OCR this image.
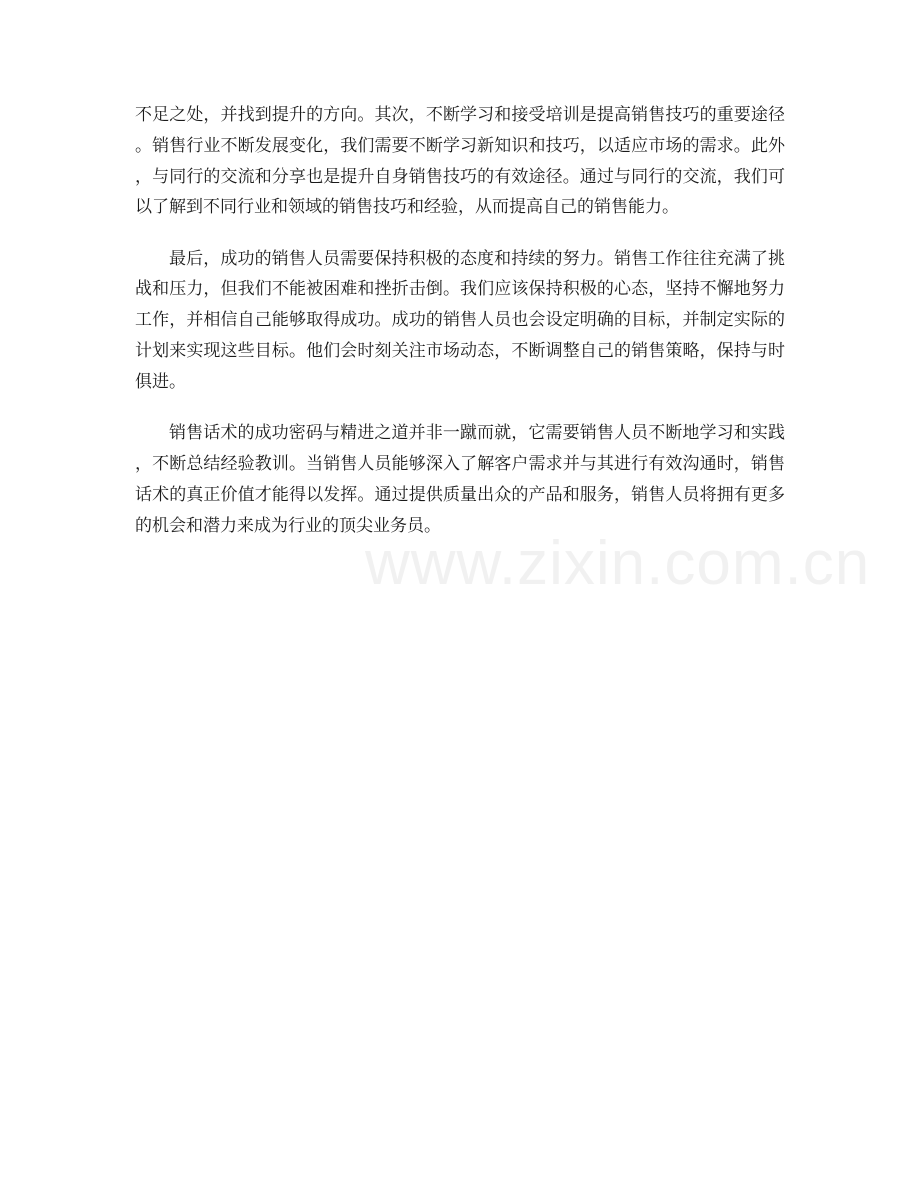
不足之处，并找到提升的方向。其次，不断学习和接受培训是提高销售技巧的重要途径。销售行业不断发展变化，我们需要不断学习新知识和技巧，以适应市场的需求。此外，与同行的交流和分享也是提升自身销售技巧的有效途径。通过与同行的交流，我们可以了解到不同行业和领域的销售技巧和经验，从而提高自己的销售能力。

最后，成功的销售人员需要保持积极的态度和持续的努力。销售工作往往充满了挑战和压力，但我们不能被困难和挫折击倒。我们应该保持积极的心态，坚持不懈地努力工作，并相信自己能够取得成功。成功的销售人员也会设定明确的目标，并制定实际的计划来实现这些目标。他们会时刻关注市场动态，不断调整自己的销售策略，保持与时俱进。

销售话术的成功密码与精进之道并非一蹴而就，它需要销售人员不断地学习和实践，不断总结经验教训。当销售人员能够深入了解客户需求并与其进行有效沟通时，销售话术的真正价值才能得以发挥。通过提供质量出众的产品和服务，销售人员将拥有更多的机会和潜力来成为行业的顶尖业务员。

www.zixin.com.cn
